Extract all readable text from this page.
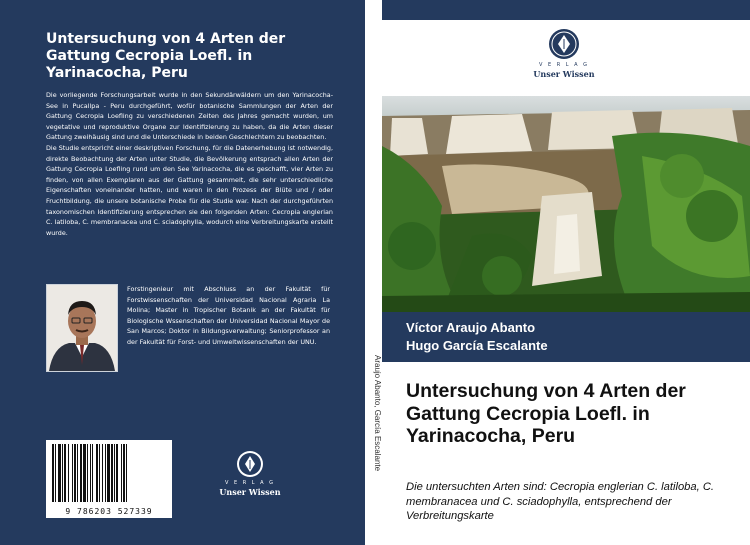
Untersuchung von 4 Arten der Gattung Cecropia Loefl. in Yarinacocha, Peru

Die vorliegende Forschungsarbeit wurde in den Sekundärwäldern um den Yarinacocha-See in Pucallpa - Peru durchgeführt, wofür botanische Sammlungen der Arten der Gattung Cecropia Loefling zu verschiedenen Zeiten des Jahres gemacht wurden, um vegetative und reproduktive Organe zur Identifizierung zu haben, da die Arten dieser Gattung zweihäusig sind und die Unterschiede in beiden Geschlechtern zu beobachten.
Die Studie entspricht einer deskriptiven Forschung, für die Datenerhebung ist notwendig, direkte Beobachtung der Arten unter Studie, die Bevölkerung entsprach allen Arten der Gattung Cecropia Loefling rund um den See Yarinacocha, die es geschafft, vier Arten zu finden, von allen Exemplaren aus der Gattung gesammelt, die sehr unterschiedliche Eigenschaften voneinander hatten, und waren in den Prozess der Blüte und / oder Fruchtbildung, die unsere botanische Probe für die Studie war. Nach der durchgeführten taxonomischen Identifizierung entsprechen sie den folgenden Arten: Cecropia englerian C. latiloba, C. membranacea und C. sciadophylla, wodurch eine Verbreitungskarte erstellt wurde.

Forstingenieur mit Abschluss an der Fakultät für Forstwissenschaften der Universidad Nacional Agraria La Molina; Master in Tropischer Botanik an der Fakultät für Biologische Wssenschaften der Universidad Nacional Mayor de San Marcos; Doktor in Bildungsverwaltung; Seniorprofessor an der Fakultät für Forst- und Umweltwissenschaften der UNU.

9 786203 527339
V E R L A G
Unser Wissen
Araujo Abanto, García Escalante
V E R L A G
Unser Wissen
Víctor Araujo Abanto
Hugo García Escalante
Untersuchung von 4 Arten der Gattung Cecropia Loefl. in Yarinacocha, Peru

Die untersuchten Arten sind: Cecropia englerian C. latiloba, C. membranacea und C. sciadophylla, entsprechend der Verbreitungskarte
